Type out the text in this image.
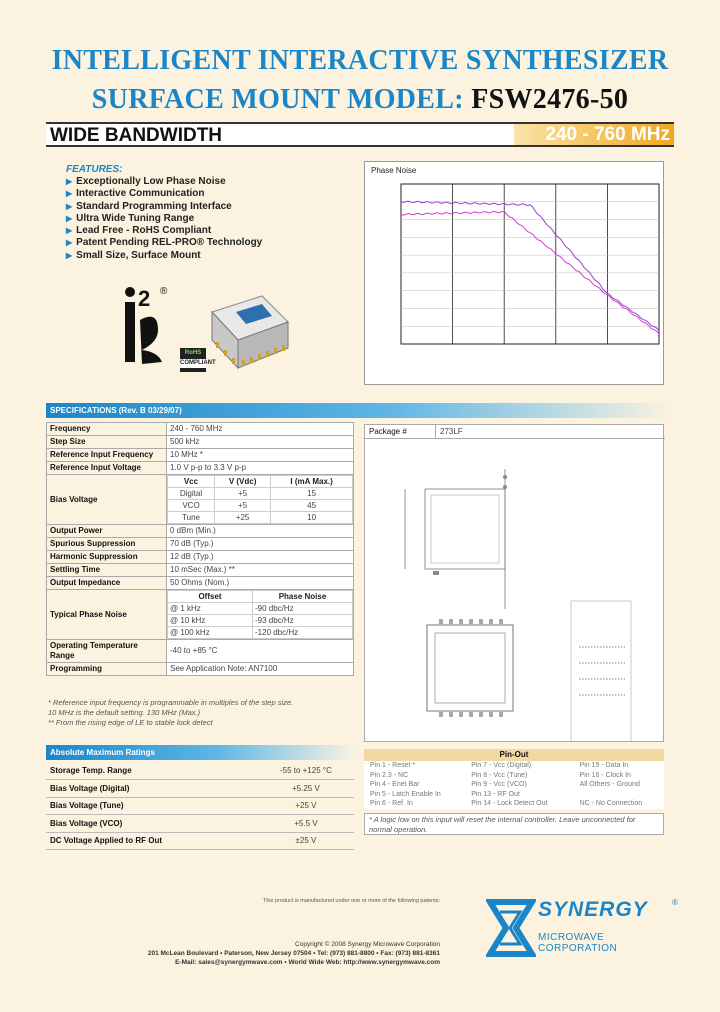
INTELLIGENT INTERACTIVE SYNTHESIZER
SURFACE MOUNT MODEL: FSW2476-50
WIDE BANDWIDTH	240 - 760 MHz
FEATURES:
▶ Exceptionally Low Phase Noise
▶ Interactive Communication
▶ Standard Programming Interface
▶ Ultra Wide Tuning Range
▶ Lead Free - RoHS Compliant
▶ Patent Pending REL-PRO® Technology
▶ Small Size, Surface Mount
2 ®
RoHS
COMPLIANT
Phase Noise
SPECIFICATIONS (Rev. B 03/29/07)
Frequency	240 - 760 MHz
Step Size	500 kHz
Reference Input Frequency	10 MHz *
Reference Input Voltage	1.0 V p-p to 3.3 V p-p
Bias Voltage	
Vcc	V (Vdc)	I (mA Max.)
Digital	+5	15
VCO	+5	45
Tune	+25	10

Output Power	0 dBm (Min.)
Spurious Suppression	70 dB (Typ.)
Harmonic Suppression	12 dB (Typ.)
Settling Time	10 mSec (Max.) **
Output Impedance	50 Ohms (Nom.)
Typical Phase Noise	
Offset	Phase Noise
@ 1 kHz	-90 dbc/Hz
@ 10 kHz	-93 dbc/Hz
@ 100 kHz	-120 dbc/Hz

Operating Temperature Range	-40 to +85 °C
Programming	See Application Note: AN7100
* Reference input frequency is programmable in multiples of the step size.
10 MHz is the default setting. 130 MHz (Max.)
** From the rising edge of LE to stable lock detect
Package #	273LF
Absolute Maximum Ratings
Storage Temp. Range	-55 to +125 °C
Bias Voltage (Digital)	+5.25 V
Bias Voltage (Tune)	+25 V
Bias Voltage (VCO)	+5.5 V
DC Voltage Applied to RF Out	±25 V
Pin-Out
Pin 1 - Reset *	Pin 7 - Vcc (Digital)	Pin 15 - Data In
Pin 2,3 - NC	Pin 8 - Vcc (Tune)	Pin 16 - Clock In
Pin 4 - Enet Bar	Pin 9 - Vcc (VCO)	All Others - Ground
Pin 5 - Latch Enable In	Pin 13 - RF Out	
Pin 6 - Ref. In	Pin 14 - Lock Detect Out	NC - No Connection
* A logic low on this input will reset the internal controller. Leave unconnected for normal operation.
This product is manufactured under one or more of the following patents:
Copyright © 2008 Synergy Microwave Corporation
201 McLean Boulevard • Paterson, New Jersey 07504 • Tel: (973) 881-8800 • Fax: (973) 881-8361
E-Mail: sales@synergymwave.com • World Wide Web: http://www.synergymwave.com
SYNERGY	®
MICROWAVE CORPORATION
